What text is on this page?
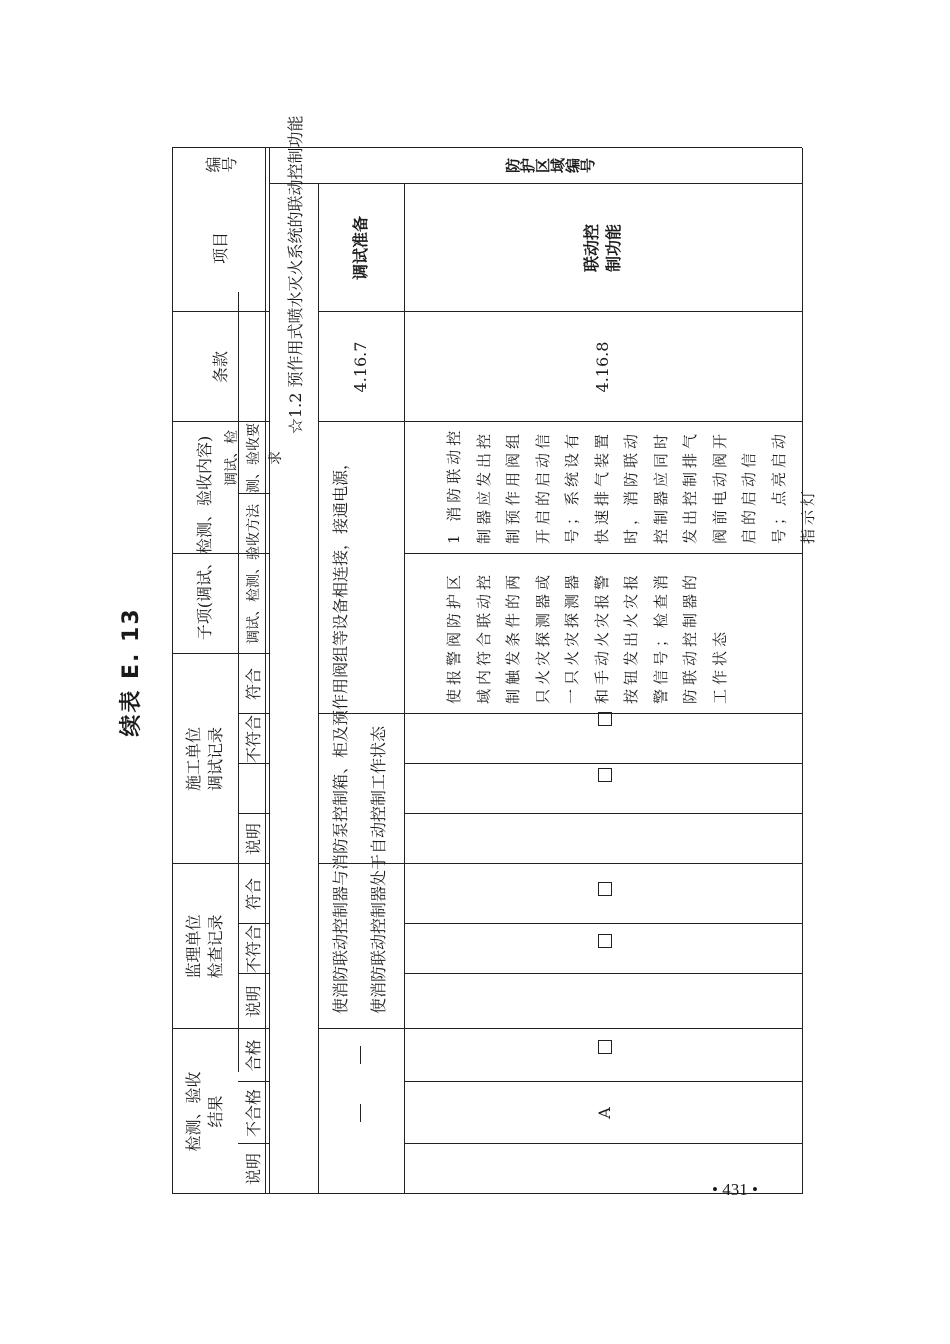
续表 E. 13
编号
项目
条款
子项(调试、检测、验收内容) 调试、检测、验收要求
调试、检测、验收方法
施工单位
调试记录
符合
不符合
说明
监理单位
检查记录
符合
不符合
说明
检测、验收
结果
合格
不合格
说明
☆1.2 预作用式喷水灭火系统的联动控制功能	防护区域编号
调试准备
4.16.7
使消防联动控制器与消防泵控制箱、柜及预作用阀组等设备相连接，接通电源，	使消防联动控制器处于自动控制工作状态
联动控制功能
4.16.8
1 消防联动控制器应发出控制预作用阀组开启的启动信号；系统设有快速排气装置时，消防联动控制器应同时发出控制排气阀前电动阀开启的启动信号；点亮启动指示灯
使报警阀防护区域内符合联动控制触发条件的两只火灾探测器或一只火灾探测器和手动火灾报警按钮发出火灾报警信号；检查消防联动控制器的工作状态
A
• 431 •
